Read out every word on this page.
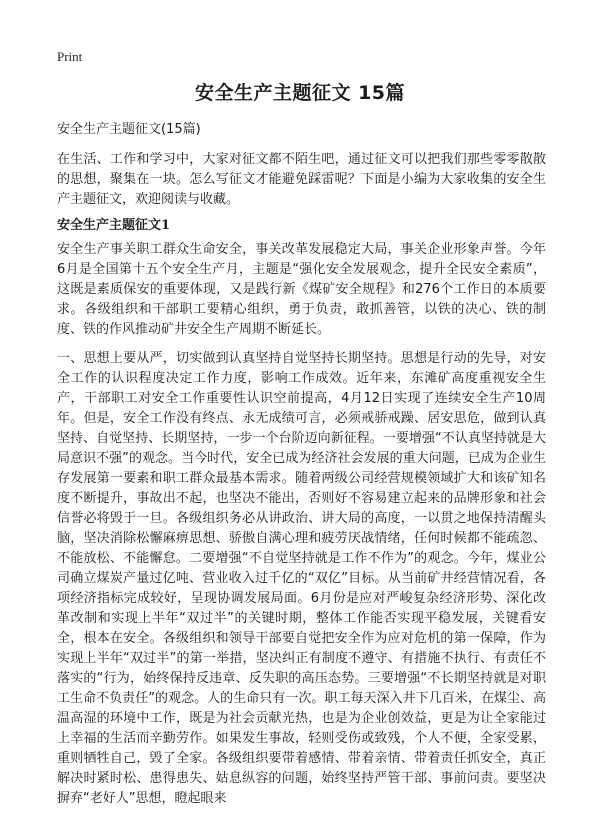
Print
安全生产主题征文 15篇

安全生产主题征文(15篇)

在生活、工作和学习中，大家对征文都不陌生吧，通过征文可以把我们那些零零散散的思想，聚集在一块。怎么写征文才能避免踩雷呢？下面是小编为大家收集的安全生产主题征文，欢迎阅读与收藏。

安全生产主题征文1

安全生产事关职工群众生命安全，事关改革发展稳定大局，事关企业形象声誉。今年6月是全国第十五个安全生产月，主题是“强化安全发展观念，提升全民安全素质”，这既是素质保安的重要体现，又是践行新《煤矿安全规程》和276个工作日的本质要求。各级组织和干部职工要精心组织，勇于负责，敢抓善管，以铁的决心、铁的制度、铁的作风推动矿井安全生产周期不断延长。

一、思想上要从严，切实做到认真坚持自觉坚持长期坚持。思想是行动的先导，对安全工作的认识程度决定工作力度，影响工作成效。近年来，东滩矿高度重视安全生产，干部职工对安全工作重要性认识空前提高，4月12日实现了连续安全生产10周年。但是，安全工作没有终点、永无成绩可言，必须戒骄戒躁、居安思危，做到认真坚持、自觉坚持、长期坚持，一步一个台阶迈向新征程。一要增强“不认真坚持就是大局意识不强”的观念。当今时代，安全已成为经济社会发展的重大问题，已成为企业生存发展第一要素和职工群众最基本需求。随着两级公司经营规模领域扩大和该矿知名度不断提升，事故出不起，也坚决不能出，否则好不容易建立起来的品牌形象和社会信誉必将毁于一旦。各级组织务必从讲政治、讲大局的高度，一以贯之地保持清醒头脑，坚决消除松懈麻痹思想、骄傲自满心理和疲劳厌战情绪，任何时候都不能疏忽、不能放松、不能懈怠。二要增强“不自觉坚持就是工作不作为”的观念。今年，煤业公司确立煤炭产量过亿吨、营业收入过千亿的“双亿”目标。从当前矿井经营情况看，各项经济指标完成较好，呈现协调发展局面。6月份是应对严峻复杂经济形势、深化改革改制和实现上半年“双过半”的关键时期，整体工作能否实现平稳发展，关键看安全，根本在安全。各级组织和领导干部要自觉把安全作为应对危机的第一保障，作为实现上半年“双过半”的第一举措，坚决纠正有制度不遵守、有措施不执行、有责任不落实的“行为，始终保持反违章、反失职的高压态势。三要增强“不长期坚持就是对职工生命不负责任”的观念。人的生命只有一次。职工每天深入井下几百米，在煤尘、高温高湿的环境中工作，既是为社会贡献光热，也是为企业创效益，更是为让全家能过上幸福的生活而辛勤劳作。如果发生事故，轻则受伤或致残，个人不便，全家受累，重则牺牲自己，毁了全家。各级组织要带着感情、带着亲情、带着责任抓安全，真正解决时紧时松、患得患失、姑息纵容的问题，始终坚持严管干部、事前问责。要坚决摒弃“老好人”思想，瞪起眼来
